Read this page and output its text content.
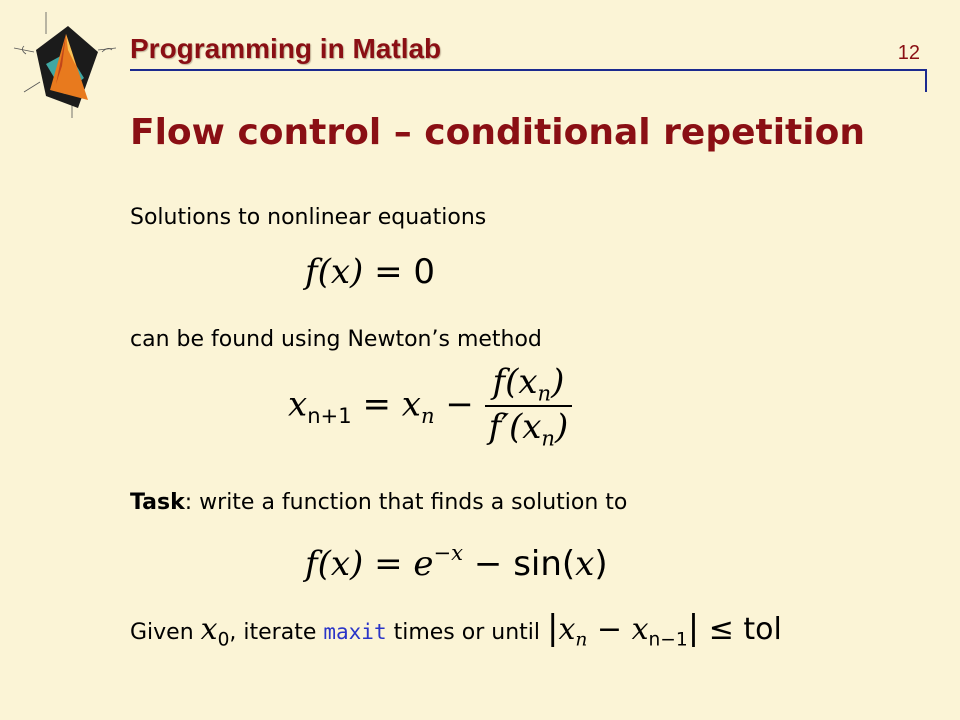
Programming in Matlab	12
Flow control – conditional repetition
Solutions to nonlinear equations
f(x) = 0
can be found using Newton’s method
$x_{n+1} = x_n - \frac{f(x_n)}{f'(x_n)}$
Task: write a function that finds a solution to
$f(x) = e^{-x} - \sin(x)$
Given $x_0$, iterate maxit times or until $|x_n - x_{n-1}|$ ≤ tol
